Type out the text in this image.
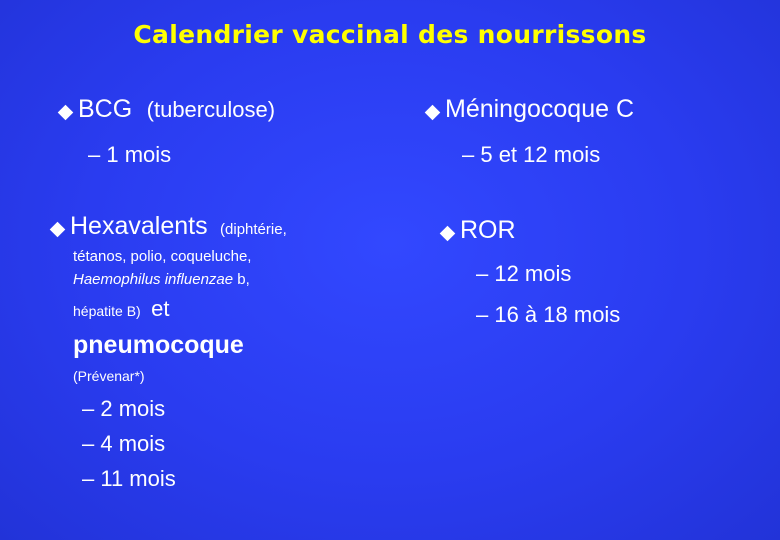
Calendrier vaccinal des nourrissons
BCG (tuberculose)
– 1 mois
Hexavalents (diphtérie,
tétanos, polio, coqueluche,
Haemophilus influenzae b,
hépatite B) et
pneumocoque
(Prévenar*)
– 2 mois
– 4 mois
– 11 mois
Méningocoque C
– 5 et 12 mois
ROR
– 12 mois
– 16 à 18 mois
